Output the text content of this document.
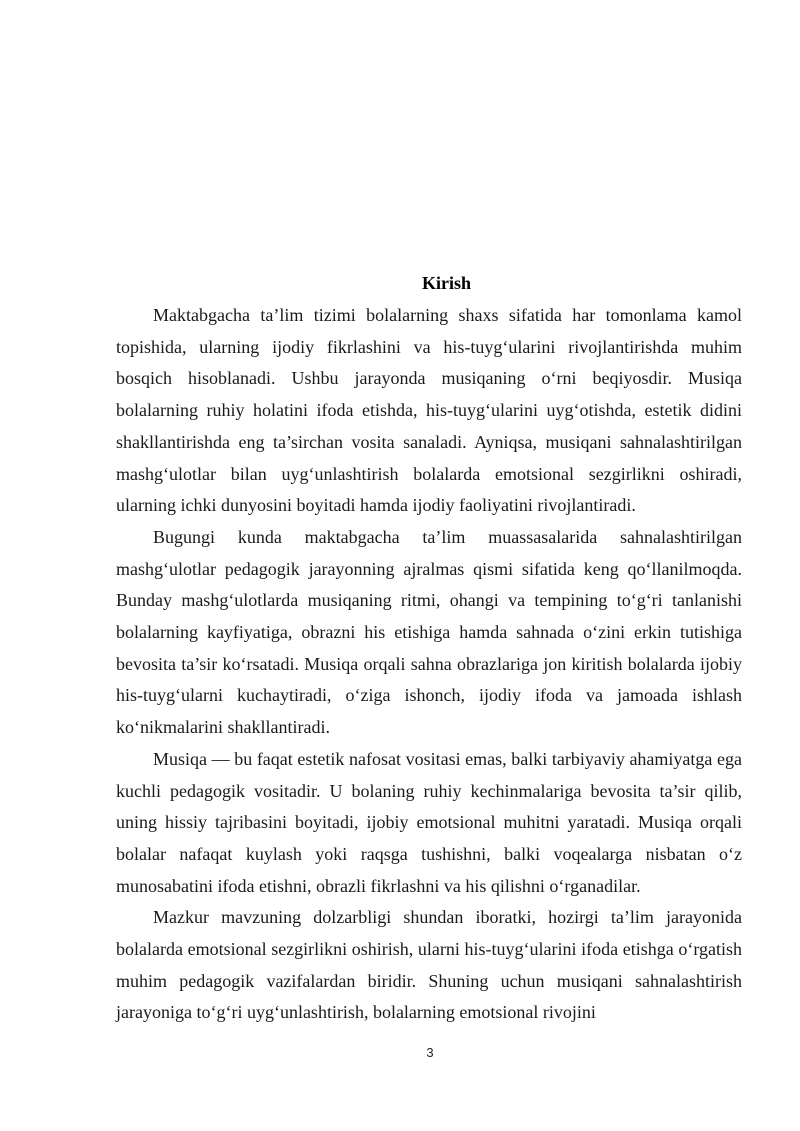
Kirish

Maktabgacha ta’lim tizimi bolalarning shaxs sifatida har tomonlama kamol topishida, ularning ijodiy fikrlashini va his-tuyg‘ularini rivojlantirishda muhim bosqich hisoblanadi. Ushbu jarayonda musiqaning o‘rni beqiyosdir. Musiqa bolalarning ruhiy holatini ifoda etishda, his-tuyg‘ularini uyg‘otishda, estetik didini shakllantirishda eng ta’sirchan vosita sanaladi. Ayniqsa, musiqani sahnalashtirilgan mashg‘ulotlar bilan uyg‘unlashtirish bolalarda emotsional sezgirlikni oshiradi, ularning ichki dunyosini boyitadi hamda ijodiy faoliyatini rivojlantiradi.

Bugungi kunda maktabgacha ta’lim muassasalarida sahnalashtirilgan mashg‘ulotlar pedagogik jarayonning ajralmas qismi sifatida keng qo‘llanilmoqda. Bunday mashg‘ulotlarda musiqaning ritmi, ohangi va tempining to‘g‘ri tanlanishi bolalarning kayfiyatiga, obrazni his etishiga hamda sahnada o‘zini erkin tutishiga bevosita ta’sir ko‘rsatadi. Musiqa orqali sahna obrazlariga jon kiritish bolalarda ijobiy his-tuyg‘ularni kuchaytiradi, o‘ziga ishonch, ijodiy ifoda va jamoada ishlash ko‘nikmalarini shakllantiradi.

Musiqa — bu faqat estetik nafosat vositasi emas, balki tarbiyaviy ahamiyatga ega kuchli pedagogik vositadir. U bolaning ruhiy kechinmalariga bevosita ta’sir qilib, uning hissiy tajribasini boyitadi, ijobiy emotsional muhitni yaratadi. Musiqa orqali bolalar nafaqat kuylash yoki raqsga tushishni, balki voqealarga nisbatan o‘z munosabatini ifoda etishni, obrazli fikrlashni va his qilishni o‘rganadilar.

Mazkur mavzuning dolzarbligi shundan iboratki, hozirgi ta’lim jarayonida bolalarda emotsional sezgirlikni oshirish, ularni his-tuyg‘ularini ifoda etishga o‘rgatish muhim pedagogik vazifalardan biridir. Shuning uchun musiqani sahnalashtirish jarayoniga to‘g‘ri uyg‘unlashtirish, bolalarning emotsional rivojini

3
